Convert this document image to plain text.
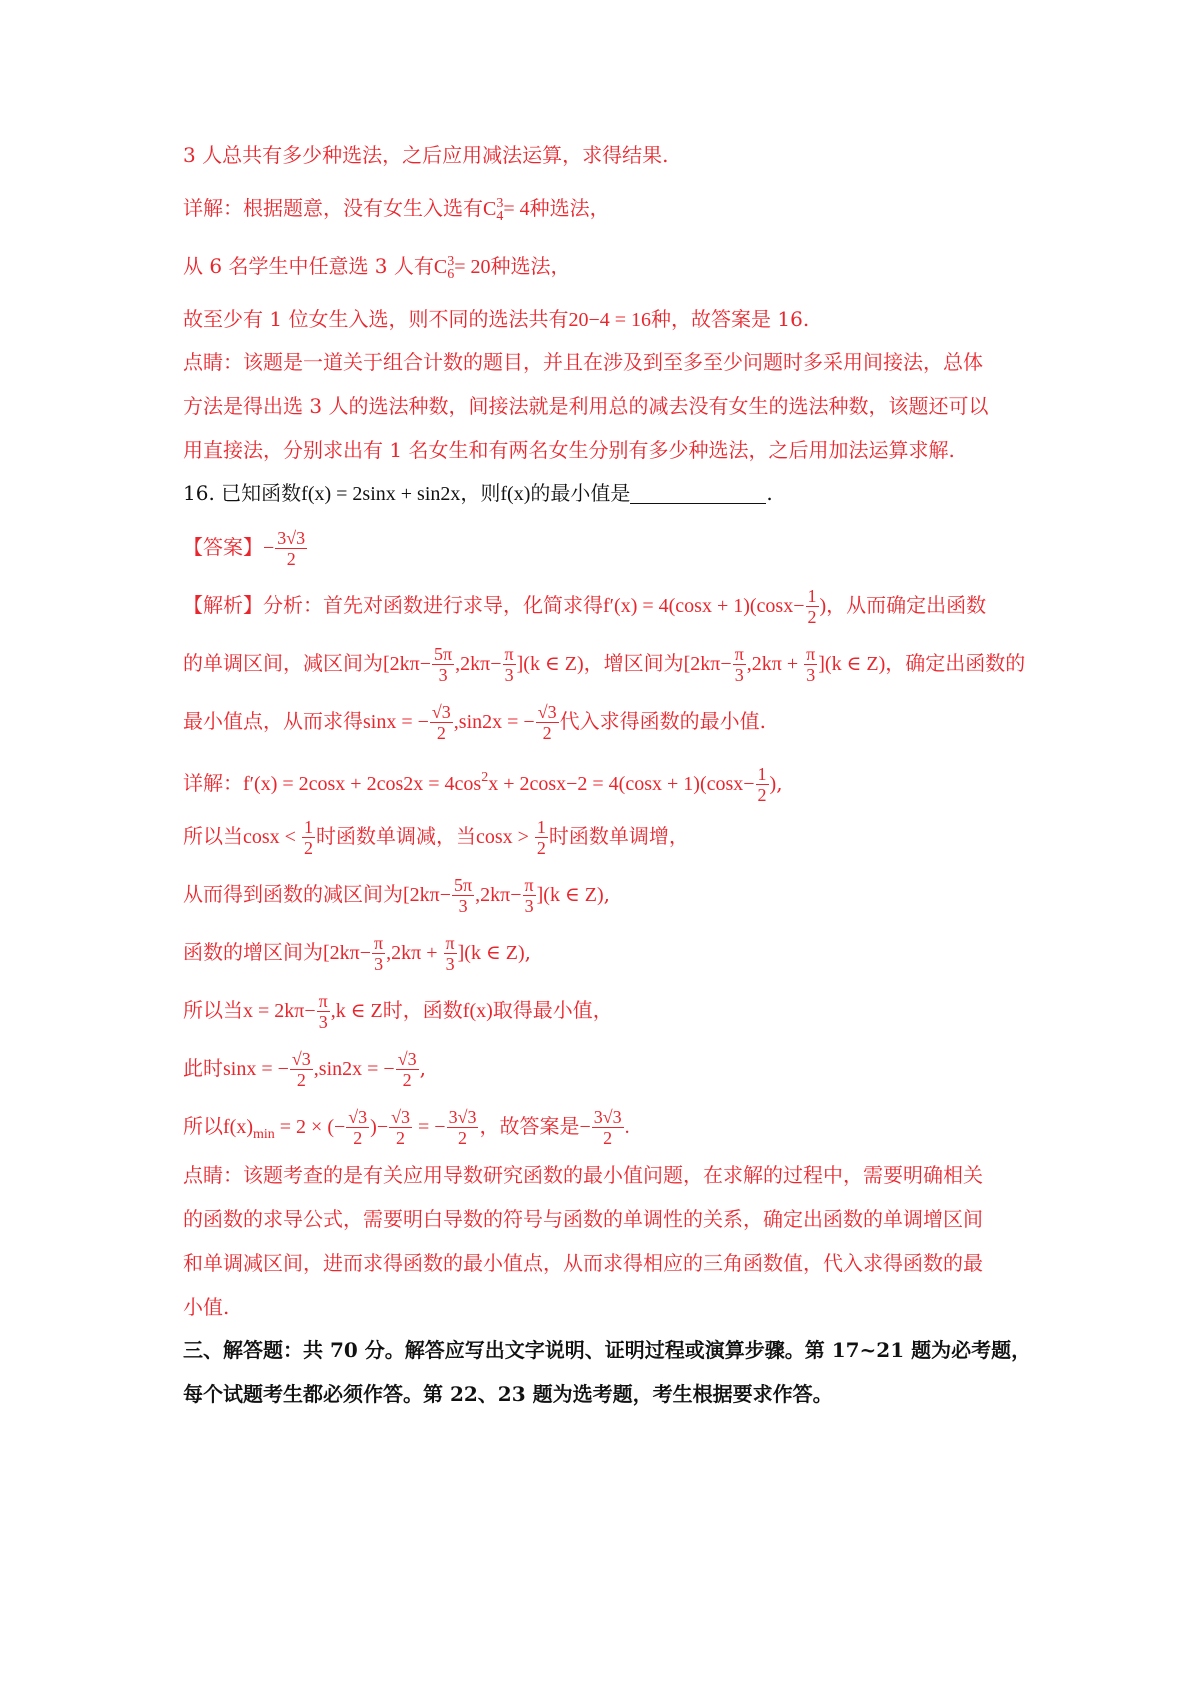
3 人总共有多少种选法，之后应用减法运算，求得结果.
详解：根据题意，没有女生入选有C 3
4 = 4种选法，
从 6 名学生中任意选 3 人有C 3
6 = 20种选法，
故至少有 1 位女生入选，则不同的选法共有20−4 = 16种，故答案是 16.
点睛：该题是一道关于组合计数的题目，并且在涉及到至多至少问题时多采用间接法，总体
方法是得出选 3 人的选法种数，间接法就是利用总的减去没有女生的选法种数，该题还可以
用直接法，分别求出有 1 名女生和有两名女生分别有多少种选法，之后用加法运算求解.
16. 已知函数f(x) = 2sinx + sin2x，则f(x)的最小值是	.
【答案】− $\frac{3√3}{2}$
【解析】分析：首先对函数进行求导，化简求得$f'(x) = 4(\cos x + 1)(\cos x- \frac{1}{2}$ )，从而确定出函数
的单调区间，减区间为$[2k\pi- \frac{5\pi}{3} ,2k\pi- \frac{\pi}{3} ](k$ ∈ Z)，增区间为$[2k\pi- \frac{\pi}{3} ,2k\pi + \frac{\pi}{3} ](k$ ∈ Z)，确定出函数的
最小值点，从而求得sinx = − $\frac{√3}{2} ,\sin 2x$ = − $\frac{√3}{2}$ 代入求得函数的最小值.
详解：$f'(x) = 2\cos x + 2\cos 2x = 4\cos^2x + 2\cos x-2 = 4(\cos x + 1)(\cos x- \frac{1}{2}$ ),
所以当$\cos x < \frac{1}{2}$ 时函数单调减，当$\cos x > \frac{1}{2}$ 时函数单调增，
从而得到函数的减区间为$[2k\pi- \frac{5\pi}{3} ,2k\pi- \frac{\pi}{3} ](k$ ∈ Z),
函数的增区间为$[2k\pi- \frac{\pi}{3} ,2k\pi + \frac{\pi}{3} ](k$ ∈ Z),
所以当$x = 2k\pi- \frac{\pi}{3} ,k$ ∈ Z时，函数f(x)取得最小值，
此时sinx = − $\frac{√3}{2} ,\sin 2x$ = − $\frac{√3}{2}$ ,
所以$f(x)_{min} = 2$ × (− $\frac{√3}{2}$ )− $\frac{√3}{2}$ = − $\frac{3√3}{2}$ ，故答案是− $\frac{3√3}{2}$ .
点睛：该题考查的是有关应用导数研究函数的最小值问题，在求解的过程中，需要明确相关
的函数的求导公式，需要明白导数的符号与函数的单调性的关系，确定出函数的单调增区间
和单调减区间，进而求得函数的最小值点，从而求得相应的三角函数值，代入求得函数的最
小值.
三、解答题：共 70 分。解答应写出文字说明、证明过程或演算步骤。第 17~21 题为必考题，
每个试题考生都必须作答。第 22、23 题为选考题，考生根据要求作答。
